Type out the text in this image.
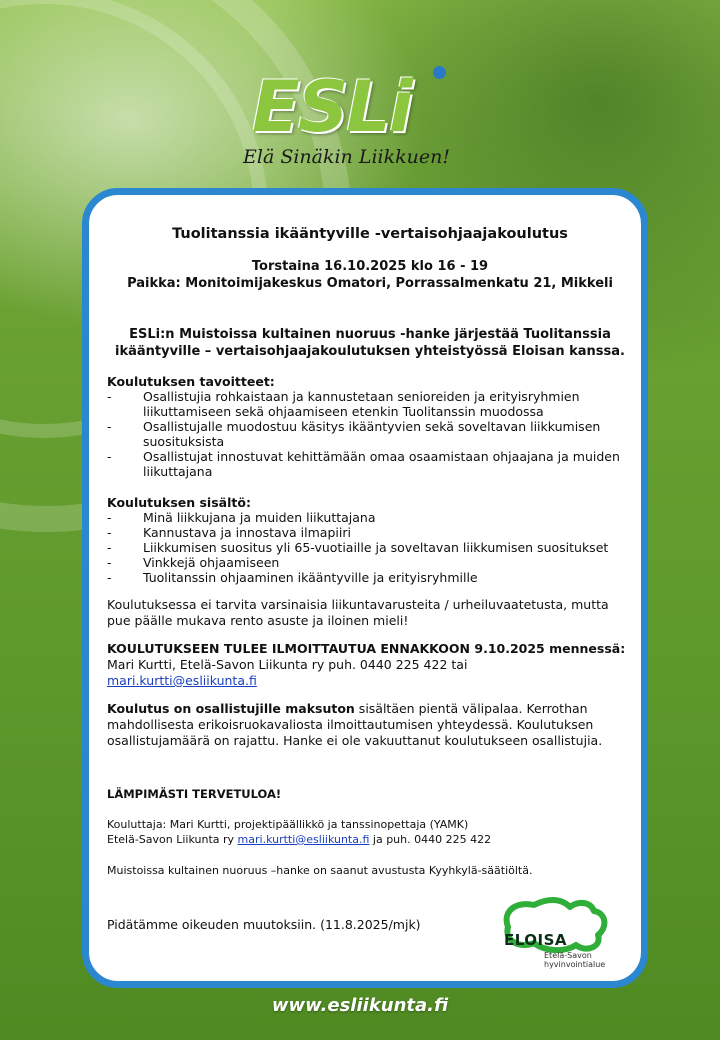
ESLi
Elä Sinäkin Liikkuen!
Tuolitanssia ikääntyville -vertaisohjaajakoulutus
Torstaina 16.10.2025 klo 16 - 19
Paikka: Monitoimijakeskus Omatori, Porrassalmenkatu 21, Mikkeli
ESLi:n Muistoissa kultainen nuoruus -hanke järjestää Tuolitanssia ikääntyville – vertaisohjaajakoulutuksen yhteistyössä Eloisan kanssa.
Koulutuksen tavoitteet:
- Osallistujia rohkaistaan ja kannustetaan senioreiden ja erityisryhmien liikuttamiseen sekä ohjaamiseen etenkin Tuolitanssin muodossa
- Osallistujalle muodostuu käsitys ikääntyvien sekä soveltavan liikkumisen suosituksista
- Osallistujat innostuvat kehittämään omaa osaamistaan ohjaajana ja muiden liikuttajana
Koulutuksen sisältö:
- Minä liikkujana ja muiden liikuttajana
- Kannustava ja innostava ilmapiiri
- Liikkumisen suositus yli 65-vuotiaille ja soveltavan liikkumisen suositukset
- Vinkkejä ohjaamiseen
- Tuolitanssin ohjaaminen ikääntyville ja erityisryhmille

Koulutuksessa ei tarvita varsinaisia liikuntavarusteita / urheiluvaatetusta, mutta pue päälle mukava rento asuste ja iloinen mieli!

KOULUTUKSEEN TULEE ILMOITTAUTUA ENNAKKOON 9.10.2025 mennessä:
Mari Kurtti, Etelä-Savon Liikunta ry puh. 0440 225 422 tai
mari.kurtti@esliikunta.fi

Koulutus on osallistujille maksuton sisältäen pientä välipalaa. Kerrothan mahdollisesta erikoisruokavaliosta ilmoittautumisen yhteydessä. Koulutuksen osallistujamäärä on rajattu. Hanke ei ole vakuuttanut koulutukseen osallistujia.

LÄMPIMÄSTI TERVETULOA!
Kouluttaja: Mari Kurtti, projektipäällikkö ja tanssinopettaja (YAMK)
Etelä-Savon Liikunta ry mari.kurtti@esliikunta.fi ja puh. 0440 225 422
Muistoissa kultainen nuoruus –hanke on saanut avustusta Kyyhkylä-säätiöltä.
Pidätämme oikeuden muutoksiin. (11.8.2025/mjk)
ELOISA
Etelä-Savon
hyvinvointialue
www.esliikunta.fi
